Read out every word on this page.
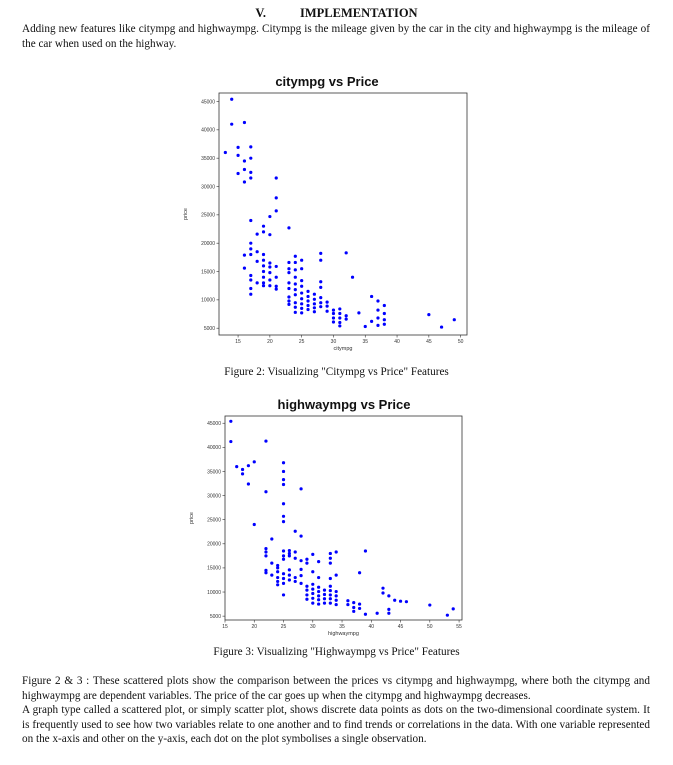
V.	IMPLEMENTATION

Adding new features like citympg and highwaympg. Citympg is the mileage given by the car in the city and highwaympg is the mileage of the car when used on the highway.

citympg vs Price
15	20	25	30	35	40	45	50
5000
10000
15000
20000
25000
30000
35000
40000
45000
citympg
price
Figure 2: Visualizing "Citympg vs Price" Features
highwaympg vs Price
15	20	25	30	35	40	45	50	55
5000
10000
15000
20000
25000
30000
35000
40000
45000
highwaympg
price
Figure 3: Visualizing "Highwaympg vs Price" Features
Figure 2 & 3 : These scattered plots show the comparison between the prices vs citympg and highwaympg, where both the citympg and highwaympg are dependent variables. The price of the car goes up when the citympg and highwaympg decreases.
A graph type called a scattered plot, or simply scatter plot, shows discrete data points as dots on the two-dimensional coordinate system. It is frequently used to see how two variables relate to one another and to find trends or correlations in the data. With one variable represented on the x-axis and other on the y-axis, each dot on the plot symbolises a single observation.
